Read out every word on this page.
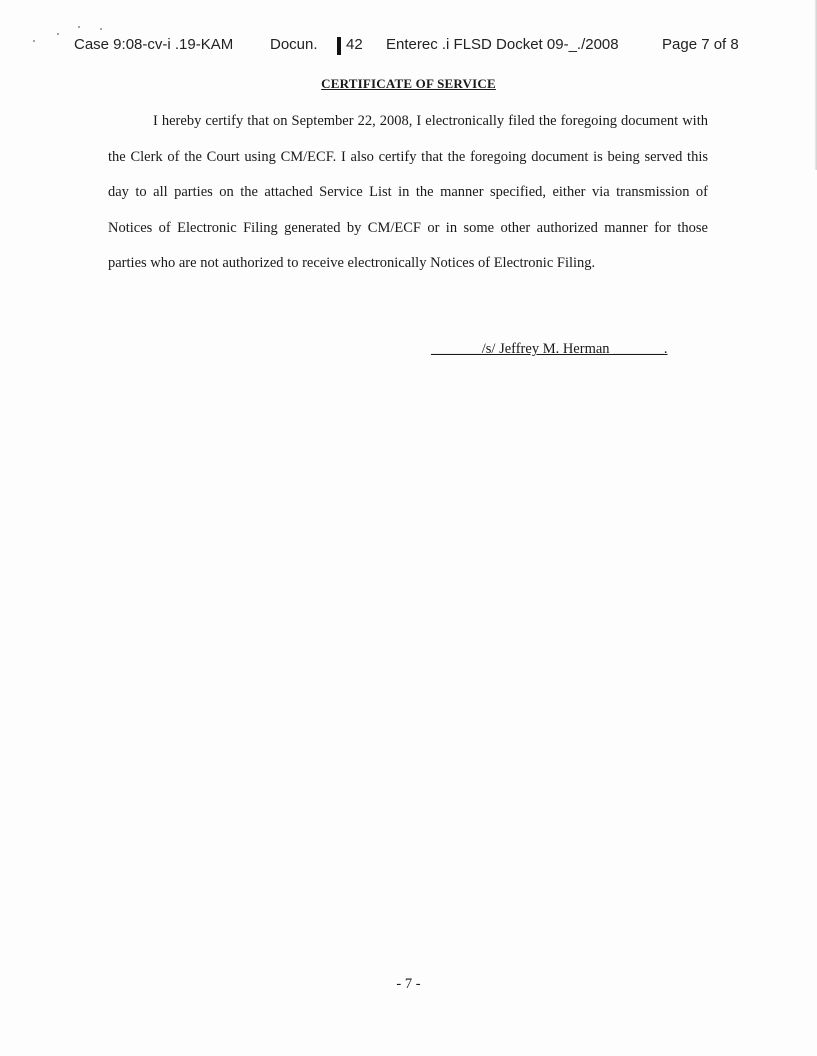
Case 9:08-cv-i .19-KAM Docun. 42 Enterec .i FLSD Docket 09‐_./2008	Page 7 of 8
CERTIFICATE OF SERVICE

I hereby certify that on September 22, 2008, I electronically filed the foregoing document with the Clerk of the Court using CM/ECF. I also certify that the foregoing document is being served this day to all parties on the attached Service List in the manner specified, either via transmission of Notices of Electronic Filing generated by CM/ECF or in some other authorized manner for those parties who are not authorized to receive electronically Notices of Electronic Filing.

_______/s/ Jeffrey M. Herman _______.
- 7 -
